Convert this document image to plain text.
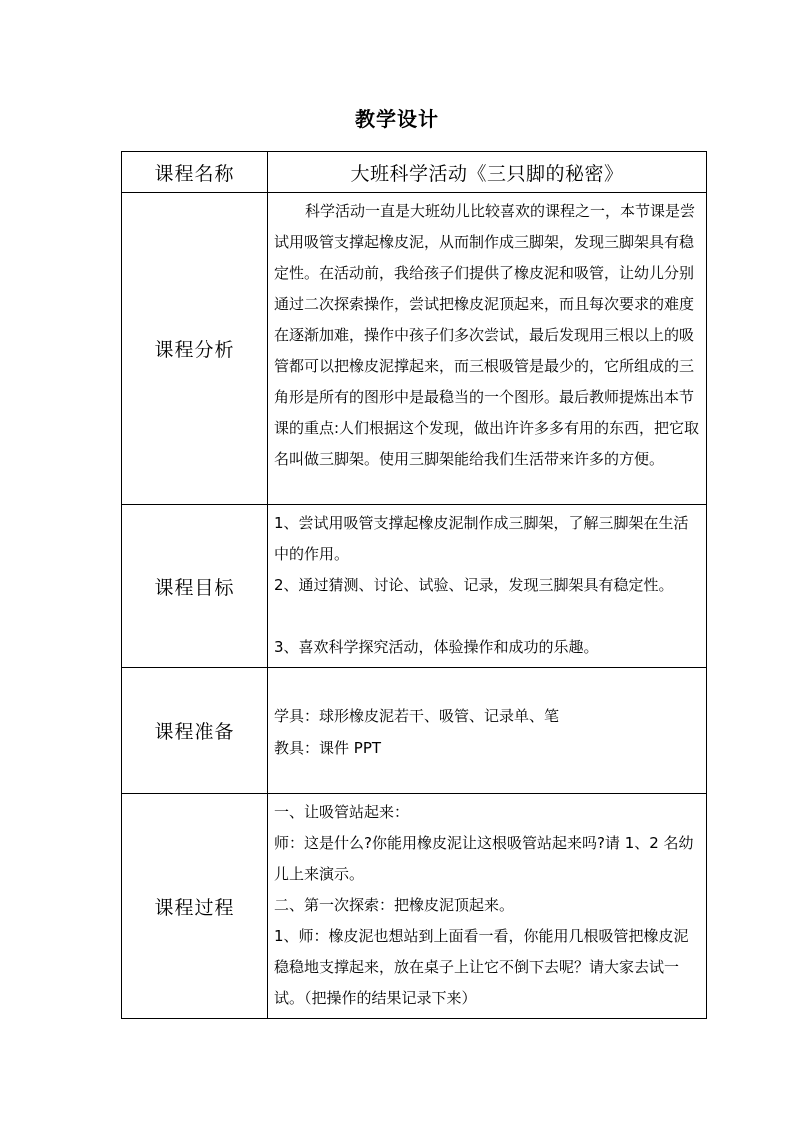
教学设计
课程名称	大班科学活动《三只脚的秘密》
课程分析	科学活动一直是大班幼儿比较喜欢的课程之一，本节课是尝试用吸管支撑起橡皮泥，从而制作成三脚架，发现三脚架具有稳定性。在活动前，我给孩子们提供了橡皮泥和吸管，让幼儿分别通过二次探索操作，尝试把橡皮泥顶起来，而且每次要求的难度在逐渐加难，操作中孩子们多次尝试，最后发现用三根以上的吸管都可以把橡皮泥撑起来，而三根吸管是最少的，它所组成的三角形是所有的图形中是最稳当的一个图形。最后教师提炼出本节课的重点:人们根据这个发现，做出许许多多有用的东西，把它取名叫做三脚架。使用三脚架能给我们生活带来许多的方便。

课程目标	1、尝试用吸管支撑起橡皮泥制作成三脚架，了解三脚架在生活中的作用。

2、通过猜测、讨论、试验、记录，发现三脚架具有稳定性。

3、喜欢科学探究活动，体验操作和成功的乐趣。

课程准备	学具：球形橡皮泥若干、吸管、记录单、笔

教具：课件 PPT

课程过程	一、让吸管站起来：

师：这是什么?你能用橡皮泥让这根吸管站起来吗?请 1、2 名幼儿上来演示。

二、第一次探索：把橡皮泥顶起来。

1、师：橡皮泥也想站到上面看一看，你能用几根吸管把橡皮泥稳稳地支撑起来，放在桌子上让它不倒下去呢？请大家去试一试。（把操作的结果记录下来）
